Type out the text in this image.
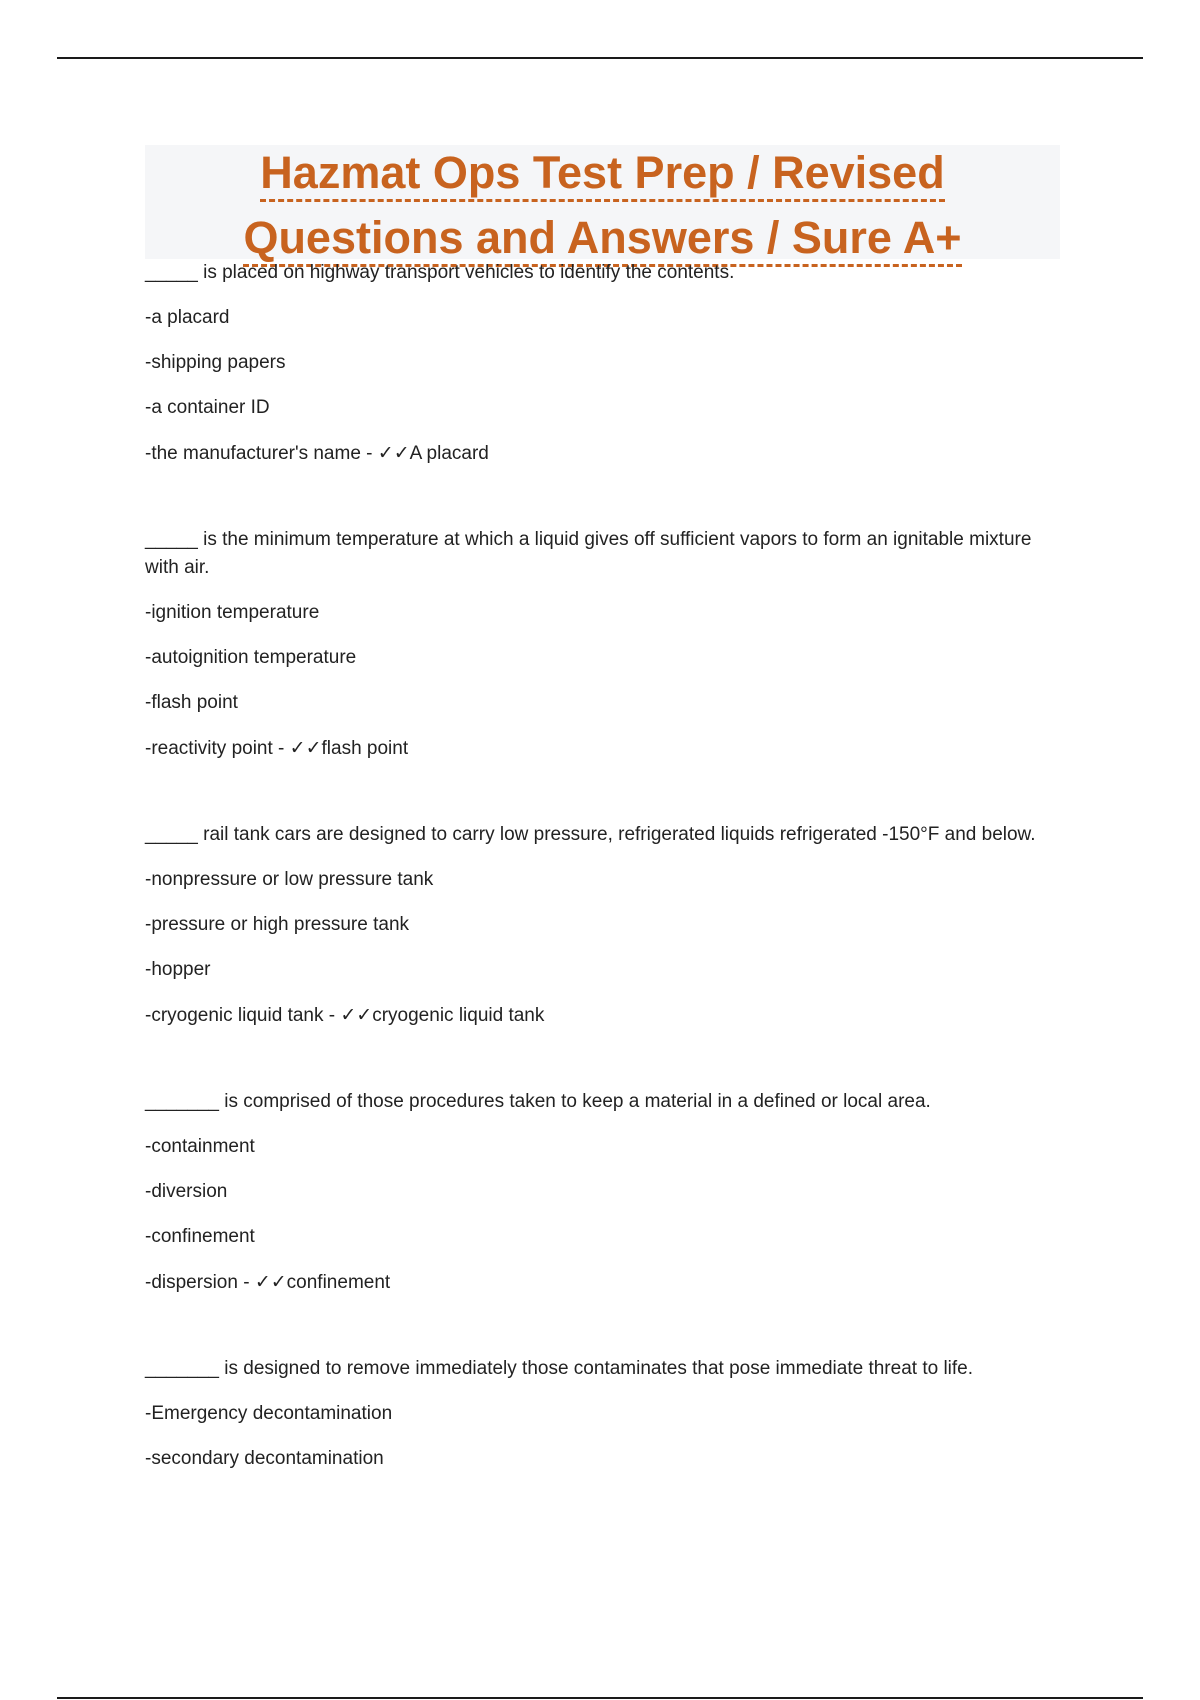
Hazmat Ops Test Prep / Revised
Questions and Answers / Sure A+

_____ is placed on highway transport vehicles to identify the contents.

-a placard

-shipping papers

-a container ID

-the manufacturer's name - ✓✓A placard

_____ is the minimum temperature at which a liquid gives off sufficient vapors to form an ignitable mixture with air.

-ignition temperature

-autoignition temperature

-flash point

-reactivity point - ✓✓flash point

_____ rail tank cars are designed to carry low pressure, refrigerated liquids refrigerated -150°F and below.

-nonpressure or low pressure tank

-pressure or high pressure tank

-hopper

-cryogenic liquid tank - ✓✓cryogenic liquid tank

_______ is comprised of those procedures taken to keep a material in a defined or local area.

-containment

-diversion

-confinement

-dispersion - ✓✓confinement

_______ is designed to remove immediately those contaminates that pose immediate threat to life.

-Emergency decontamination

-secondary decontamination
